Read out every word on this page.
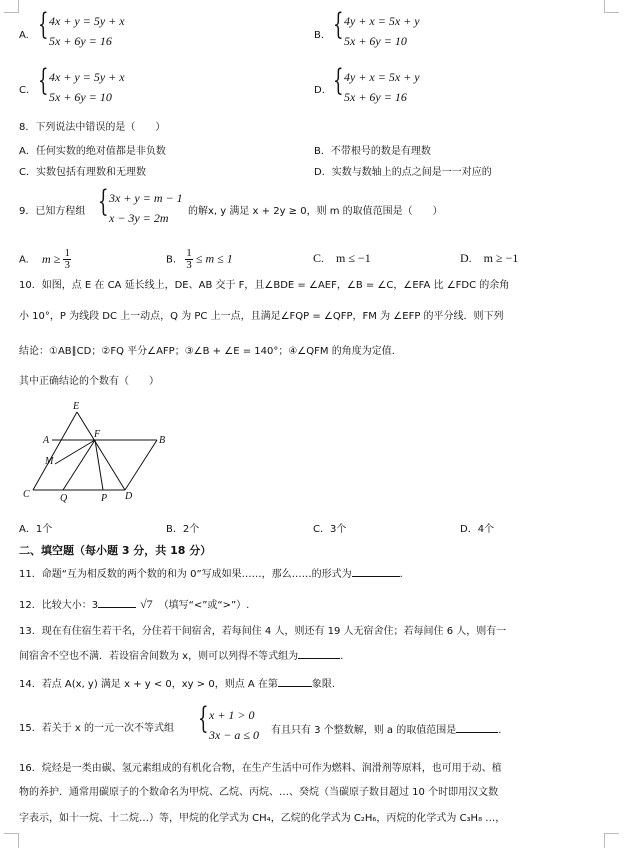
A. { 4x + y = 5y + x
5x + 6y = 16	B. { 4y + x = 5x + y
5x + 6y = 10
C. { 4x + y = 5y + x
5x + 6y = 10	D. { 4y + x = 5x + y
5x + 6y = 16
8．下列说法中错误的是（　　）
A．任何实数的绝对值都是非负数	B．不带根号的数是有理数
C．实数包括有理数和无理数	D．实数与数轴上的点之间是一一对应的
9．已知方程组 { 3x + y = m − 1
x − 3y = 2m 的解x, y 满足 x + 2y ≥ 0，则 m 的取值范围是（　　）
A. $m \ge \frac{1}{3}$	B. $\frac{1}{3} \le m \le 1$	C.　m ≤ −1	D.　m ≥ −1
10．如图，点 E 在 CA 延长线上，DE、AB 交于 F，且∠BDE = ∠AEF，∠B = ∠C，∠EFA 比 ∠FDC 的余角
小 10°，P 为线段 DC 上一动点，Q 为 PC 上一点，且满足∠FQP = ∠QFP，FM 为 ∠EFP 的平分线．则下列
结论：①AB∥CD；②FQ 平分∠AFP；③∠B + ∠E = 140°；④∠QFM 的角度为定值．
其中正确结论的个数有（　　）
E
A
F
B
M
C	Q	P D
A．1个	B．2个	C．3个	D．4个
二、填空题（每小题 3 分，共 18 分）
11．命题“互为相反数的两个数的和为 0”写成如果……，那么……的形式为	.
12．比较大小：3	√7 （填写“<”或“>”）.
13．现在有住宿生若干名，分住若干间宿舍，若每间住 4 人，则还有 19 人无宿舍住；若每间住 6 人，则有一
间宿舍不空也不满．若设宿舍间数为 x，则可以列得不等式组为	.
14．若点 A(x, y) 满足 x + y < 0，xy > 0，则点 A 在第	象限.
15．若关于 x 的一元一次不等式组 { x + 1 > 0
3x − a ≤ 0 有且只有 3 个整数解，则 a 的取值范围是	.
16．烷烃是一类由碳、氢元素组成的有机化合物，在生产生活中可作为燃料、润滑剂等原料，也可用于动、植
物的养护．通常用碳原子的个数命名为甲烷、乙烷、丙烷、…、癸烷（当碳原子数目超过 10 个时即用汉文数
字表示，如十一烷、十二烷…）等，甲烷的化学式为 CH₄，乙烷的化学式为 C₂H₆，丙烷的化学式为 C₃H₈ …，
